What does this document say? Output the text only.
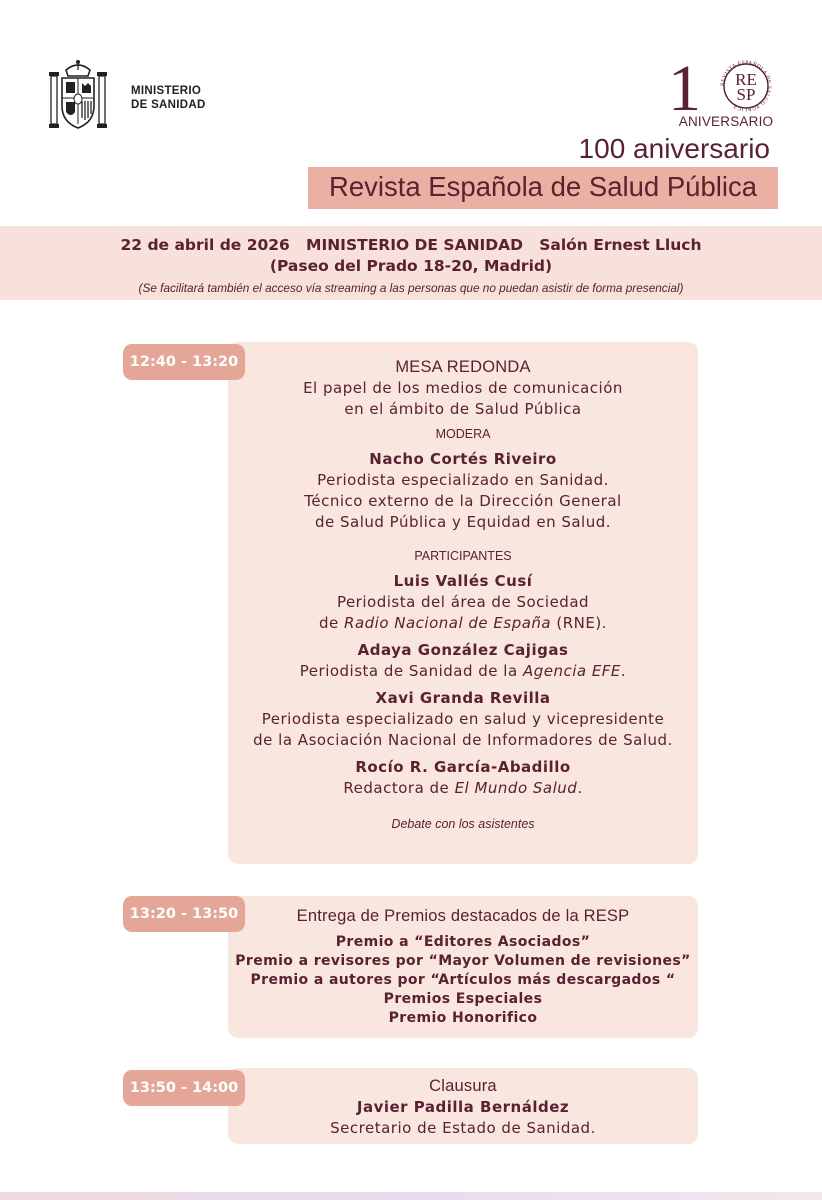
MINISTERIO
DE SANIDAD	1	REVISTA ESPAÑOLA DE SALUD PÚBLICA
RE
SP
ANIVERSARIO
100 aniversario
Revista Española de Salud Pública
22 de abril de 2026   MINISTERIO DE SANIDAD   Salón Ernest Lluch
(Paseo del Prado 18-20, Madrid)
(Se facilitará también el acceso vía streaming a las personas que no puedan asistir de forma presencial)
12:40 - 13:20	MESA REDONDA
El papel de los medios de comunicación
en el ámbito de Salud Pública
MODERA
Nacho Cortés Riveiro
Periodista especializado en Sanidad.
Técnico externo de la Dirección General
de Salud Pública y Equidad en Salud.
PARTICIPANTES
Luis Vallés Cusí
Periodista del área de Sociedad
de Radio Nacional de España (RNE).
Adaya González Cajigas
Periodista de Sanidad de la Agencia EFE.
Xavi Granda Revilla
Periodista especializado en salud y vicepresidente
de la Asociación Nacional de Informadores de Salud.
Rocío R. García-Abadillo
Redactora de El Mundo Salud.
Debate con los asistentes
13:20 - 13:50	Entrega de Premios destacados de la RESP
Premio a “Editores Asociados”
Premio a revisores por “Mayor Volumen de revisiones”
Premio a autores por “Artículos más descargados “
Premios Especiales
Premio Honorifico
13:50 - 14:00	Clausura
Javier Padilla Bernáldez
Secretario de Estado de Sanidad.
